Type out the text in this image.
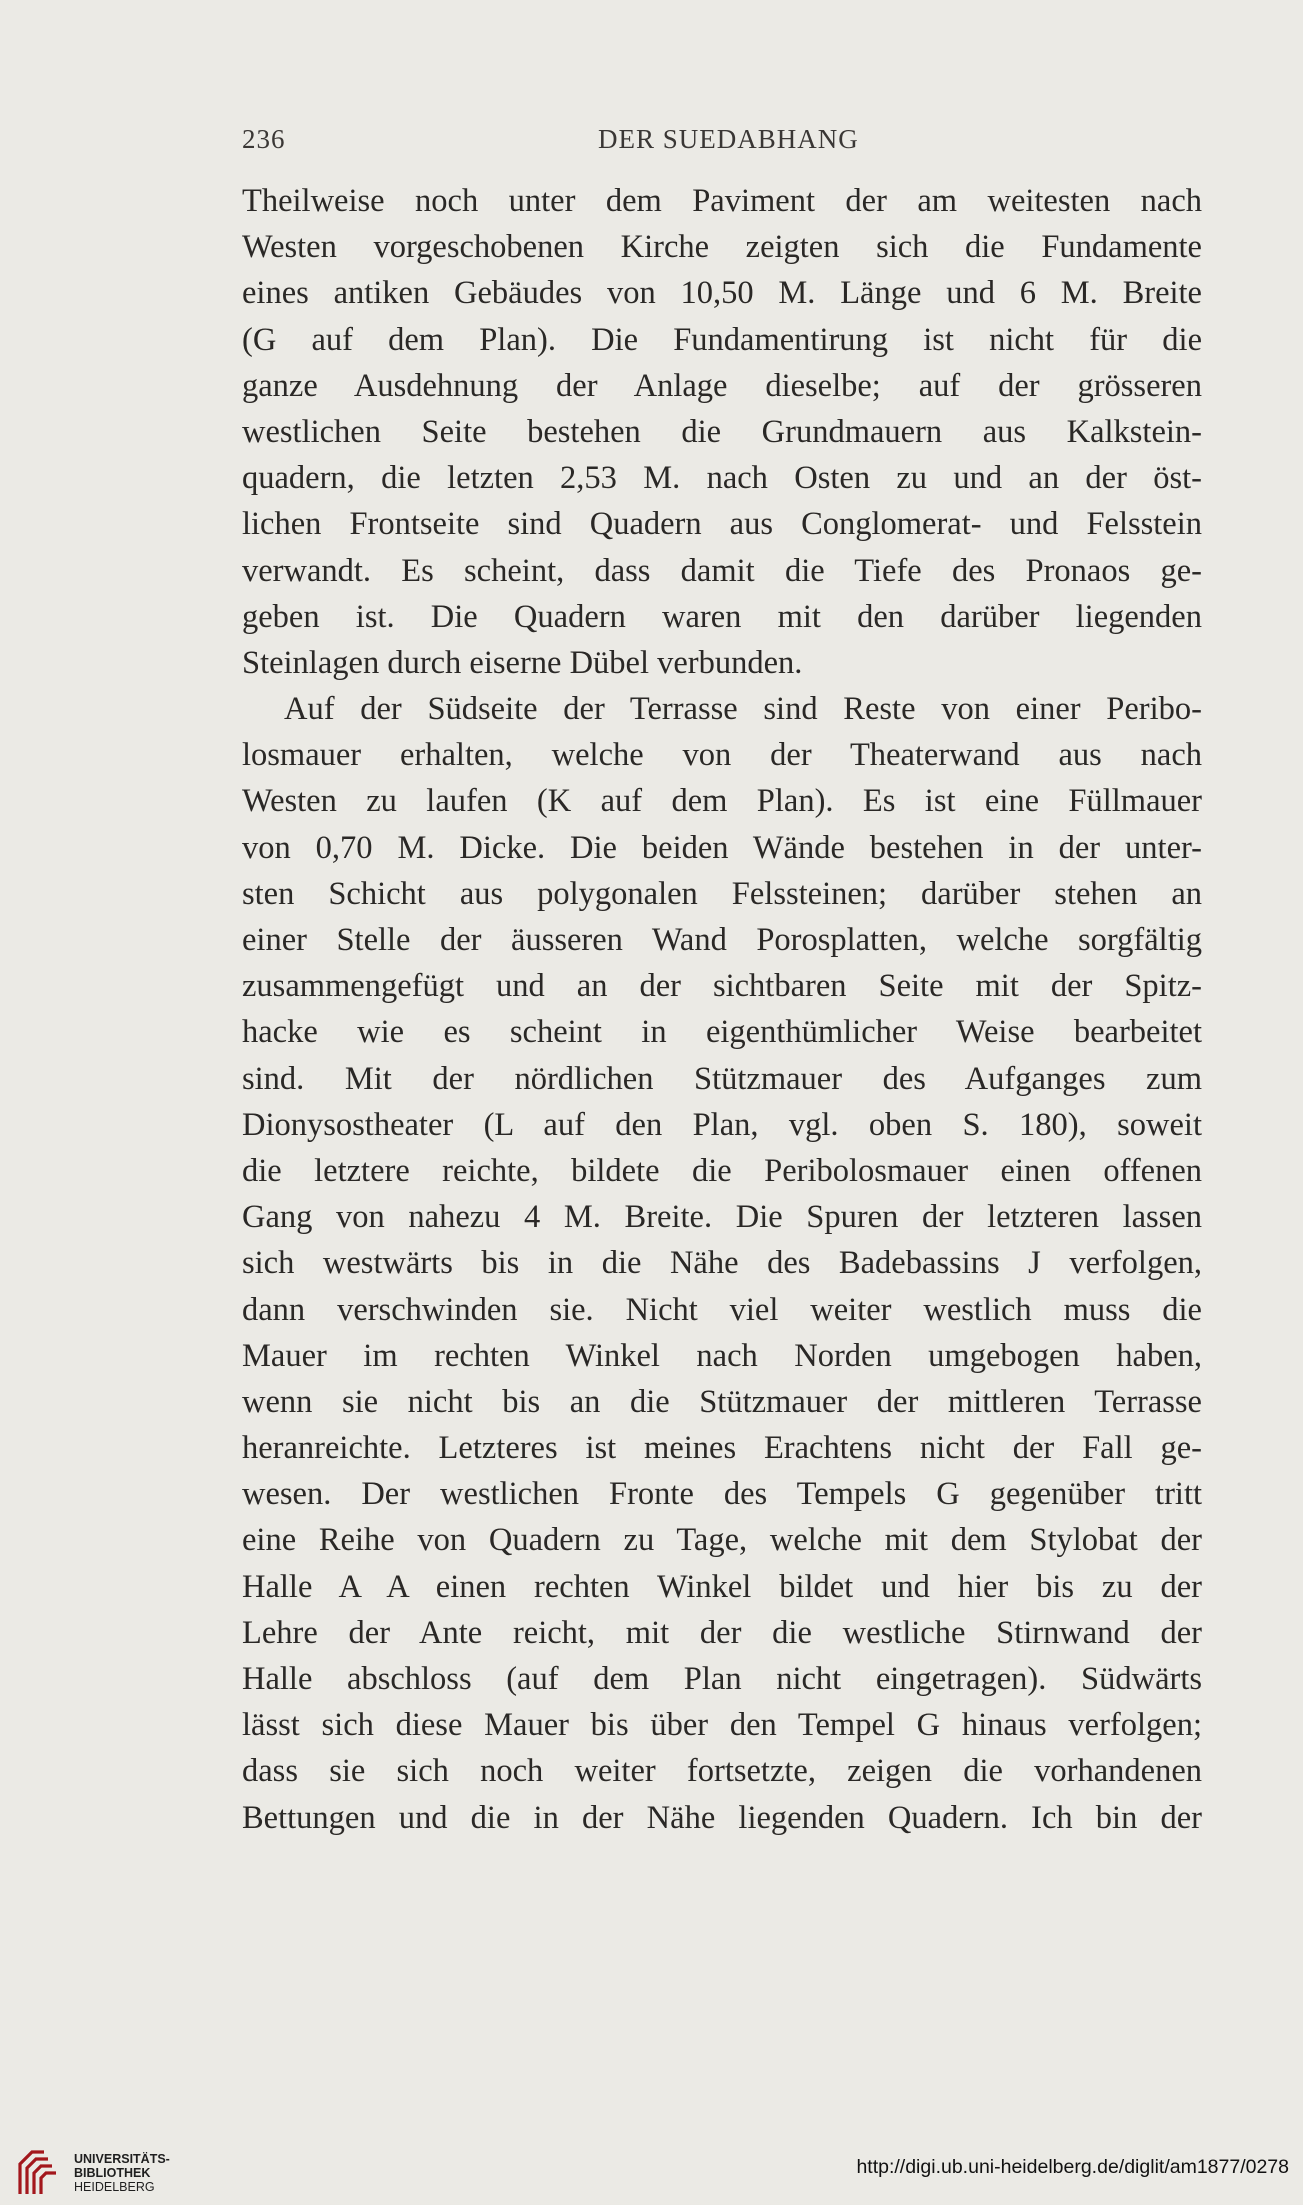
236	DER SUEDABHANG
Theilweise noch unter dem Paviment der am weitesten nach
Westen vorgeschobenen Kirche zeigten sich die Fundamente
eines antiken Gebäudes von 10,50 M. Länge und 6 M. Breite
(G auf dem Plan). Die Fundamentirung ist nicht für die
ganze Ausdehnung der Anlage dieselbe; auf der grösseren
westlichen Seite bestehen die Grundmauern aus Kalkstein-
quadern, die letzten 2,53 M. nach Osten zu und an der öst-
lichen Frontseite sind Quadern aus Conglomerat- und Felsstein
verwandt. Es scheint, dass damit die Tiefe des Pronaos ge-
geben ist. Die Quadern waren mit den darüber liegenden
Steinlagen durch eiserne Dübel verbunden.
Auf der Südseite der Terrasse sind Reste von einer Peribo-
losmauer erhalten, welche von der Theaterwand aus nach
Westen zu laufen (K auf dem Plan). Es ist eine Füllmauer
von 0,70 M. Dicke. Die beiden Wände bestehen in der unter-
sten Schicht aus polygonalen Felssteinen; darüber stehen an
einer Stelle der äusseren Wand Porosplatten, welche sorgfältig
zusammengefügt und an der sichtbaren Seite mit der Spitz-
hacke wie es scheint in eigenthümlicher Weise bearbeitet
sind. Mit der nördlichen Stützmauer des Aufganges zum
Dionysostheater (L auf den Plan, vgl. oben S. 180), soweit
die letztere reichte, bildete die Peribolosmauer einen offenen
Gang von nahezu 4 M. Breite. Die Spuren der letzteren lassen
sich westwärts bis in die Nähe des Badebassins J verfolgen,
dann verschwinden sie. Nicht viel weiter westlich muss die
Mauer im rechten Winkel nach Norden umgebogen haben,
wenn sie nicht bis an die Stützmauer der mittleren Terrasse
heranreichte. Letzteres ist meines Erachtens nicht der Fall ge-
wesen. Der westlichen Fronte des Tempels G gegenüber tritt
eine Reihe von Quadern zu Tage, welche mit dem Stylobat der
Halle A A einen rechten Winkel bildet und hier bis zu der
Lehre der Ante reicht, mit der die westliche Stirnwand der
Halle abschloss (auf dem Plan nicht eingetragen). Südwärts
lässt sich diese Mauer bis über den Tempel G hinaus verfolgen;
dass sie sich noch weiter fortsetzte, zeigen die vorhandenen
Bettungen und die in der Nähe liegenden Quadern. Ich bin der
UNIVERSITÄTS-
BIBLIOTHEK
HEIDELBERG
http://digi.ub.uni-heidelberg.de/diglit/am1877/0278
